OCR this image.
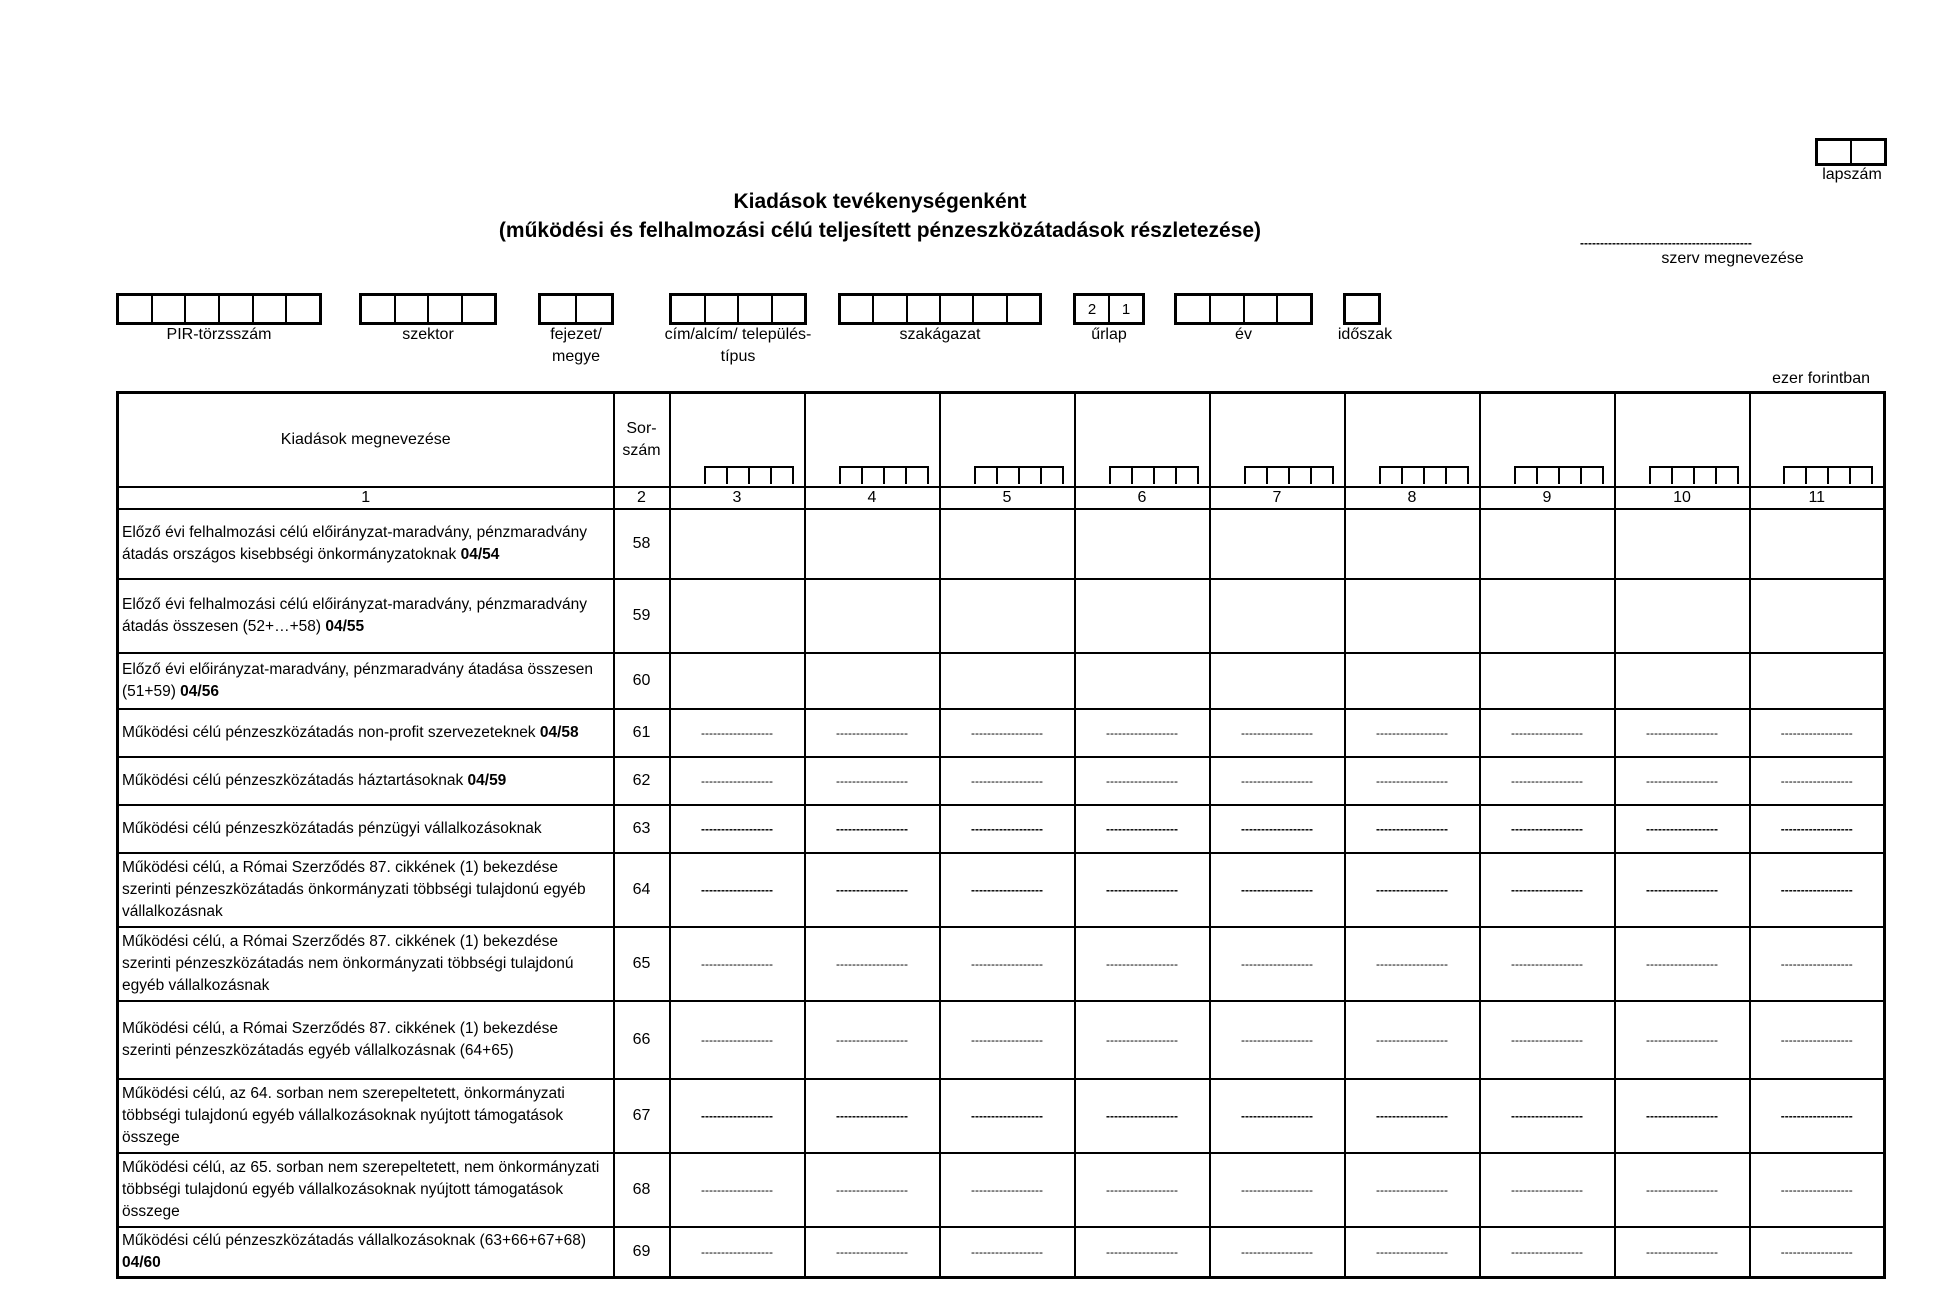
lapszám
Kiadások tevékenységenként
(működési és felhalmozási célú teljesített pénzeszközátadások részletezése)
-------------------------------------------
szerv megnevezése
PIR-törzsszám	szektor	fejezet/ megye
cím/alcím/ település-típus
szakágazat
2	1
űrlap	év	időszak
ezer forintban
Kiadások megnevezése	Sor-szám	

1	2	3	4	5	6	7	8	9	10	11
Előző évi felhalmozási célú előirányzat-maradvány, pénzmaradvány átadás országos kisebbségi önkormányzatoknak 04/54	58									
Előző évi felhalmozási célú előirányzat-maradvány, pénzmaradvány átadás összesen (52+…+58) 04/55	59									
Előző évi előirányzat-maradvány, pénzmaradvány átadása összesen (51+59) 04/56	60									
Működési célú pénzeszközátadás non-profit szervezeteknek 04/58	61	------------------	------------------	------------------	------------------	------------------	------------------	------------------	------------------	------------------
Működési célú pénzeszközátadás háztartásoknak 04/59	62	------------------	------------------	------------------	------------------	------------------	------------------	------------------	------------------	------------------
Működési célú pénzeszközátadás pénzügyi vállalkozásoknak	63	------------------	------------------	------------------	------------------	------------------	------------------	------------------	------------------	------------------
Működési célú, a Római Szerződés 87. cikkének (1) bekezdése szerinti pénzeszközátadás önkormányzati többségi tulajdonú egyéb vállalkozásnak	64	------------------	------------------	------------------	------------------	------------------	------------------	------------------	------------------	------------------
Működési célú, a Római Szerződés 87. cikkének (1) bekezdése szerinti pénzeszközátadás nem önkormányzati többségi tulajdonú egyéb vállalkozásnak	65	------------------	------------------	------------------	------------------	------------------	------------------	------------------	------------------	------------------
Működési célú, a Római Szerződés 87. cikkének (1) bekezdése szerinti pénzeszközátadás egyéb vállalkozásnak (64+65)	66	------------------	------------------	------------------	------------------	------------------	------------------	------------------	------------------	------------------
Működési célú, az 64. sorban nem szerepeltetett, önkormányzati többségi tulajdonú egyéb vállalkozásoknak nyújtott támogatások összege	67	------------------	------------------	------------------	------------------	------------------	------------------	------------------	------------------	------------------
Működési célú, az 65. sorban nem szerepeltetett, nem önkormányzati többségi tulajdonú egyéb vállalkozásoknak nyújtott támogatások összege	68	------------------	------------------	------------------	------------------	------------------	------------------	------------------	------------------	------------------
Működési célú pénzeszközátadás vállalkozásoknak (63+66+67+68) 04/60	69	------------------	------------------	------------------	------------------	------------------	------------------	------------------	------------------	------------------
